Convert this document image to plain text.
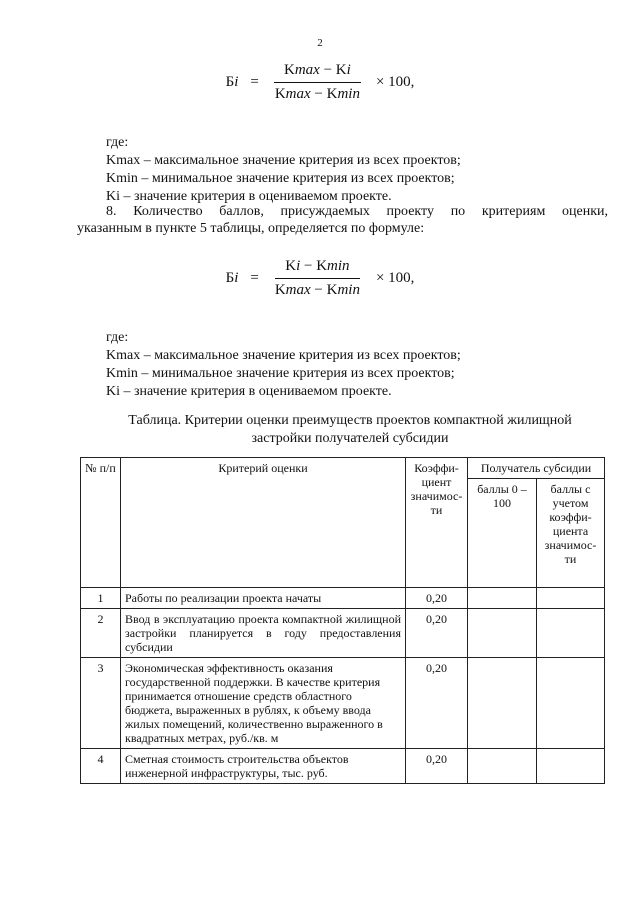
2
Бi = $\frac{Kmax - Ki}{Kmax - Kmin} \times 100$,
где:
Kmax – максимальное значение критерия из всех проектов;
Kmin – минимальное значение критерия из всех проектов;
Ki – значение критерия в оцениваемом проекте.
8. Количество баллов, присуждаемых проекту по критериям оценки,
указанным в пункте 5 таблицы, определяется по формуле:
Бi = $\frac{Ki - Kmin}{Kmax - Kmin} \times 100$,
где:
Kmax – максимальное значение критерия из всех проектов;
Kmin – минимальное значение критерия из всех проектов;
Ki – значение критерия в оцениваемом проекте.
Таблица. Критерии оценки преимуществ проектов компактной жилищной
застройки получателей субсидии
№ п/п	Критерий оценки	Коэффи-циент значимос-ти	Получатель субсидии	
			баллы 0 – 100	баллы с учетом коэффи-циента значимос-ти
1	Работы по реализации проекта начаты	0,20		
2	Ввод в эксплуатацию проекта компактной жилищной застройки планируется в году предоставления субсидии	0,20		
3	Экономическая эффективность оказания государственной поддержки. В качестве критерия принимается отношение средств областного бюджета, выраженных в рублях, к объему ввода жилых помещений, количественно выраженного в квадратных метрах, руб./кв. м	0,20		
4	Сметная стоимость строительства объектов инженерной инфраструктуры, тыс. руб.	0,20		
